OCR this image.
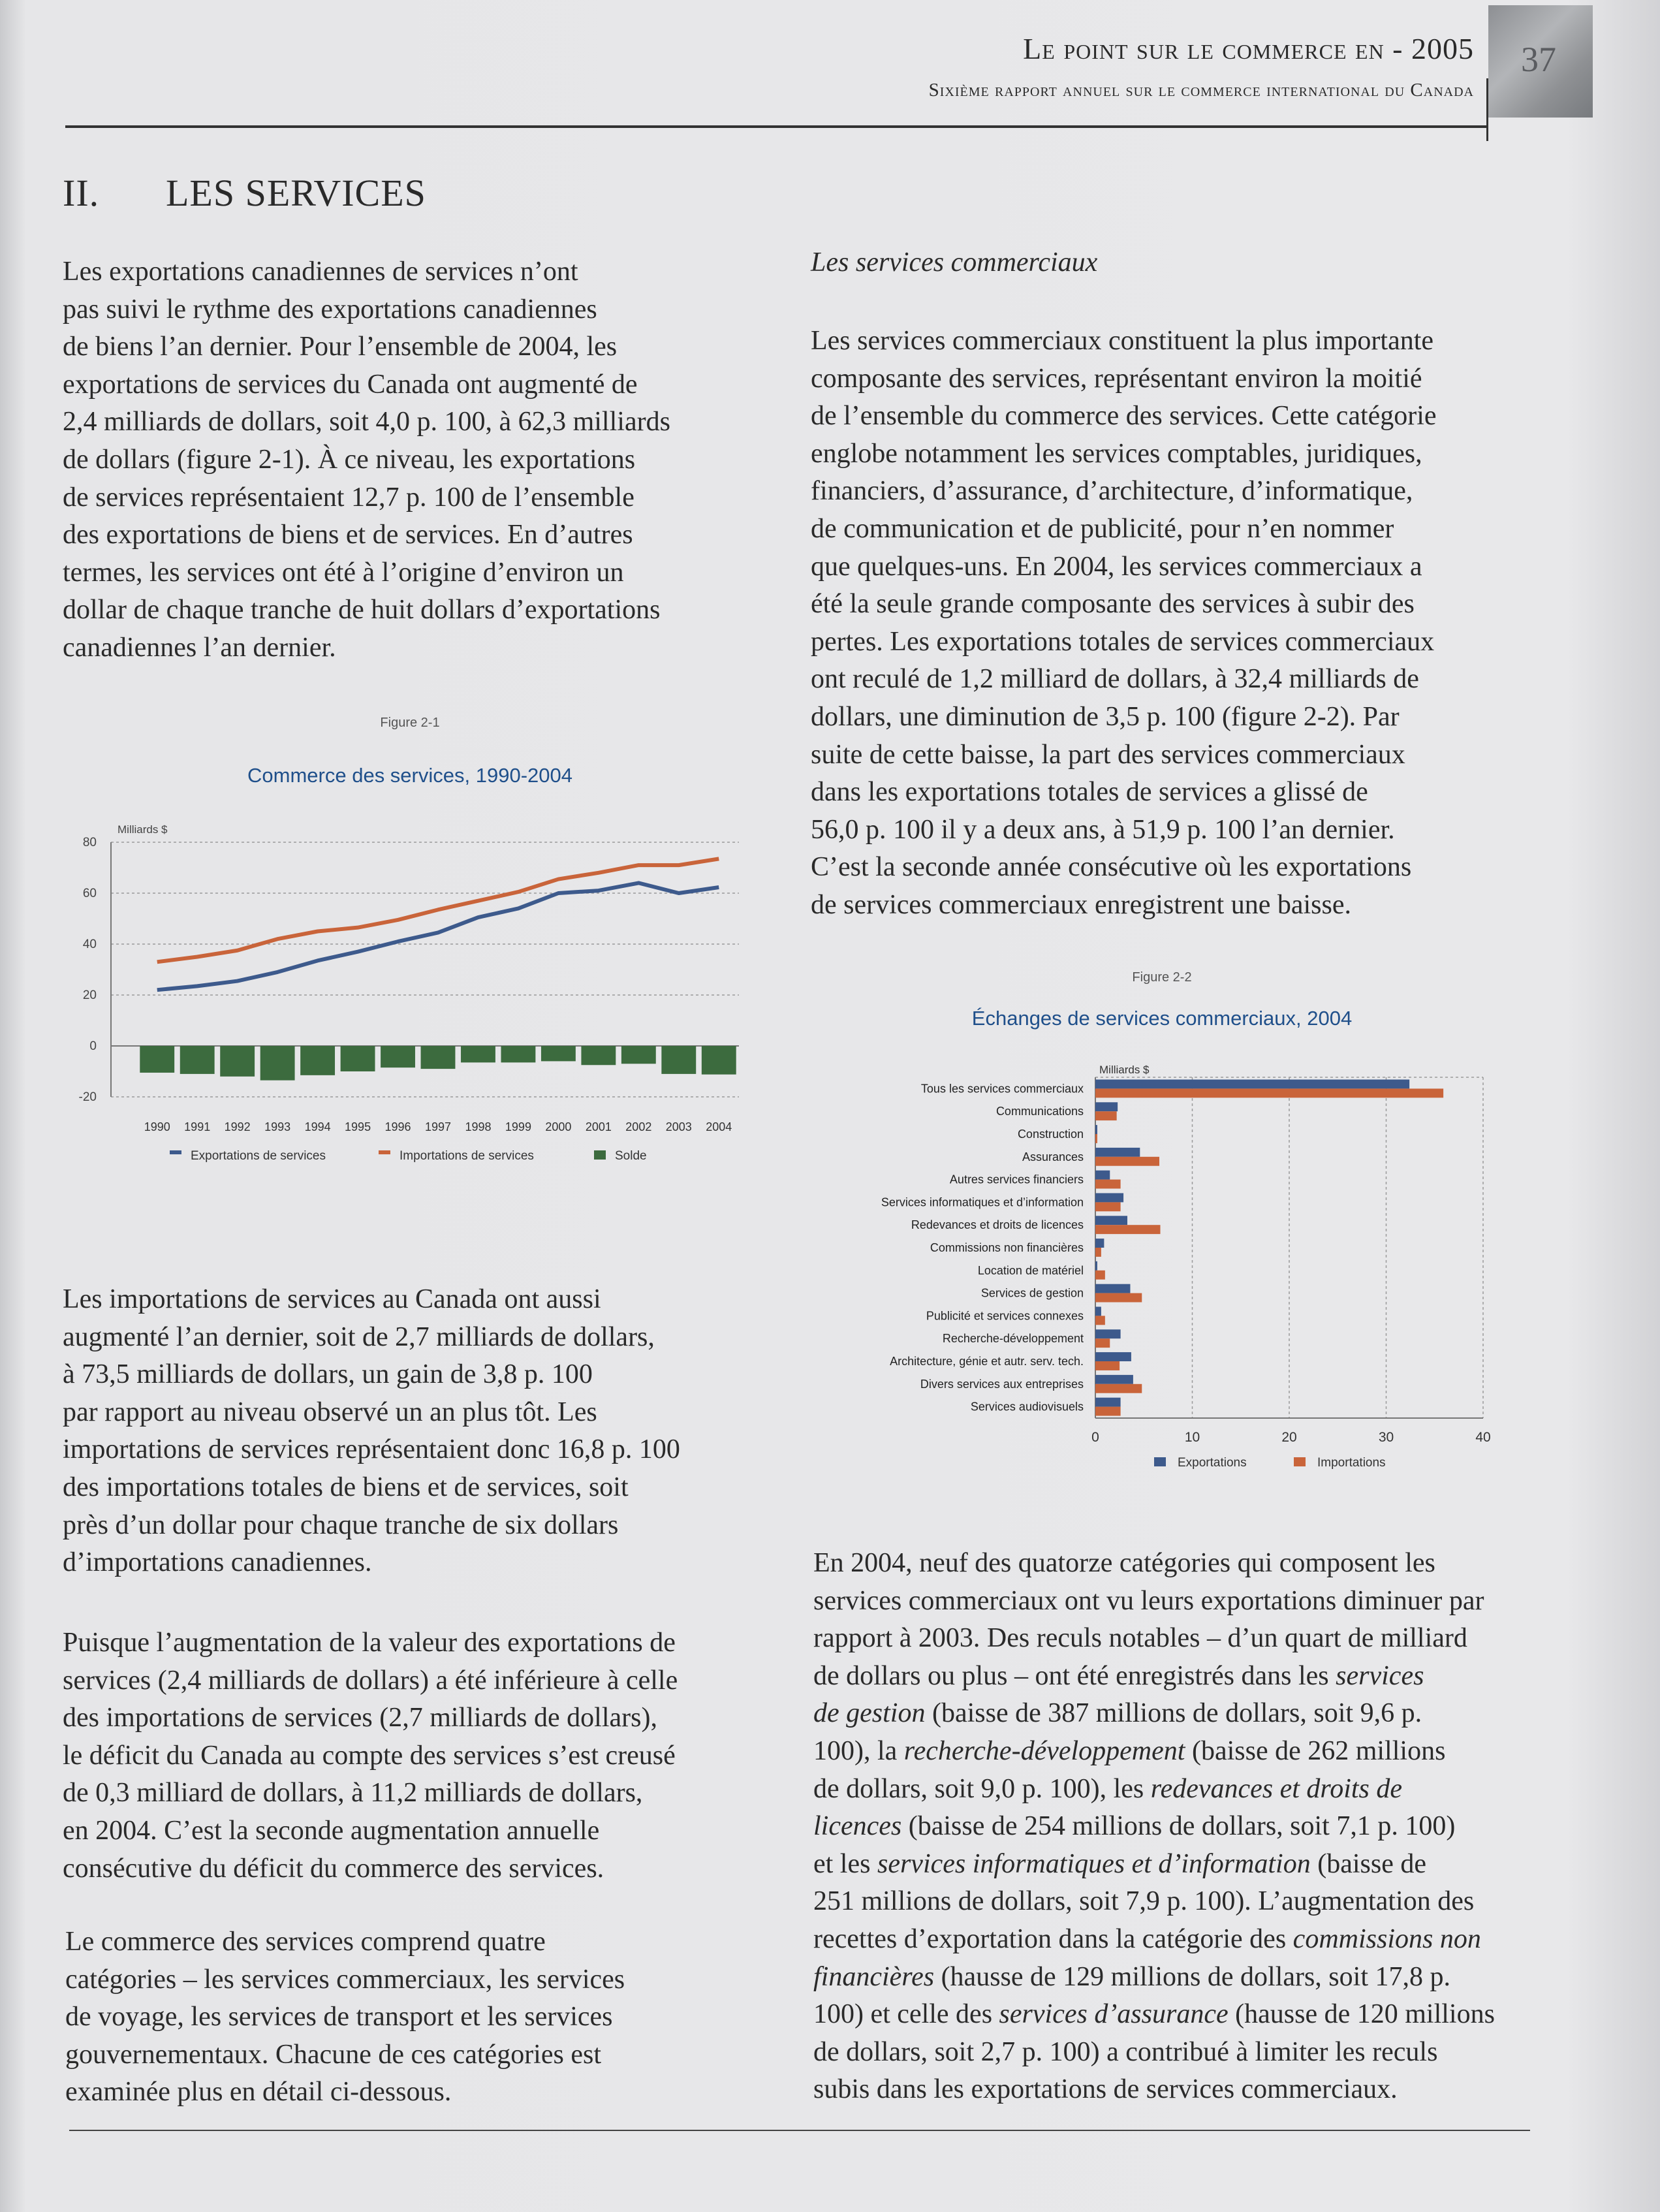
37
Le point sur le commerce en - 2005
Sixième rapport annuel sur le commerce international du Canada
II. LES SERVICES

Les exportations canadiennes de services n’ont
pas suivi le rythme des exportations canadiennes
de biens l’an dernier. Pour l’ensemble de 2004, les
exportations de services du Canada ont augmenté de
2,4 milliards de dollars, soit 4,0 p. 100, à 62,3 milliards
de dollars (figure 2-1). À ce niveau, les exportations
de services représentaient 12,7 p. 100 de l’ensemble
des exportations de biens et de services. En d’autres
termes, les services ont été à l’origine d’environ un
dollar de chaque tranche de huit dollars d’exportations
canadiennes l’an dernier.

Figure 2-1
Commerce des services, 1990-2004
Milliards $
80
60
40
20
0
-20
1990 1991 1992 1993 1994 1995 1996 1997 1998 1999 2000 2001 2002 2003 2004
Exportations de services	Importations de services	Solde

Les importations de services au Canada ont aussi
augmenté l’an dernier, soit de 2,7 milliards de dollars,
à 73,5 milliards de dollars, un gain de 3,8 p. 100
par rapport au niveau observé un an plus tôt. Les
importations de services représentaient donc 16,8 p. 100
des importations totales de biens et de services, soit
près d’un dollar pour chaque tranche de six dollars
d’importations canadiennes.

Puisque l’augmentation de la valeur des exportations de
services (2,4 milliards de dollars) a été inférieure à celle
des importations de services (2,7 milliards de dollars),
le déficit du Canada au compte des services s’est creusé
de 0,3 milliard de dollars, à 11,2 milliards de dollars,
en 2004. C’est la seconde augmentation annuelle
consécutive du déficit du commerce des services.

Le commerce des services comprend quatre
catégories – les services commerciaux, les services
de voyage, les services de transport et les services
gouvernementaux. Chacune de ces catégories est
examinée plus en détail ci-dessous.

Les services commerciaux

Les services commerciaux constituent la plus importante
composante des services, représentant environ la moitié
de l’ensemble du commerce des services. Cette catégorie
englobe notamment les services comptables, juridiques,
financiers, d’assurance, d’architecture, d’informatique,
de communication et de publicité, pour n’en nommer
que quelques-uns. En 2004, les services commerciaux a
été la seule grande composante des services à subir des
pertes. Les exportations totales de services commerciaux
ont reculé de 1,2 milliard de dollars, à 32,4 milliards de
dollars, une diminution de 3,5 p. 100 (figure 2-2). Par
suite de cette baisse, la part des services commerciaux
dans les exportations totales de services a glissé de
56,0 p. 100 il y a deux ans, à 51,9 p. 100 l’an dernier.
C’est la seconde année consécutive où les exportations
de services commerciaux enregistrent une baisse.

Figure 2-2
Échanges de services commerciaux, 2004
Milliards $
0	10	20	30	40
Tous les services commerciaux
Communications
Construction
Assurances
Autres services financiers
Services informatiques et d’information
Redevances et droits de licences
Commissions non financières
Location de matériel
Services de gestion
Publicité et services connexes
Recherche-développement
Architecture, génie et autr. serv. tech.
Divers services aux entreprises
Services audiovisuels
Exportations	Importations

En 2004, neuf des quatorze catégories qui composent les
services commerciaux ont vu leurs exportations diminuer par
rapport à 2003. Des reculs notables – d’un quart de milliard
de dollars ou plus – ont été enregistrés dans les services
de gestion (baisse de 387 millions de dollars, soit 9,6 p.
100), la recherche-développement (baisse de 262 millions
de dollars, soit 9,0 p. 100), les redevances et droits de
licences (baisse de 254 millions de dollars, soit 7,1 p. 100)
et les services informatiques et d’information (baisse de
251 millions de dollars, soit 7,9 p. 100). L’augmentation des
recettes d’exportation dans la catégorie des commissions non
financières (hausse de 129 millions de dollars, soit 17,8 p.
100) et celle des services d’assurance (hausse de 120 millions
de dollars, soit 2,7 p. 100) a contribué à limiter les reculs
subis dans les exportations de services commerciaux.
